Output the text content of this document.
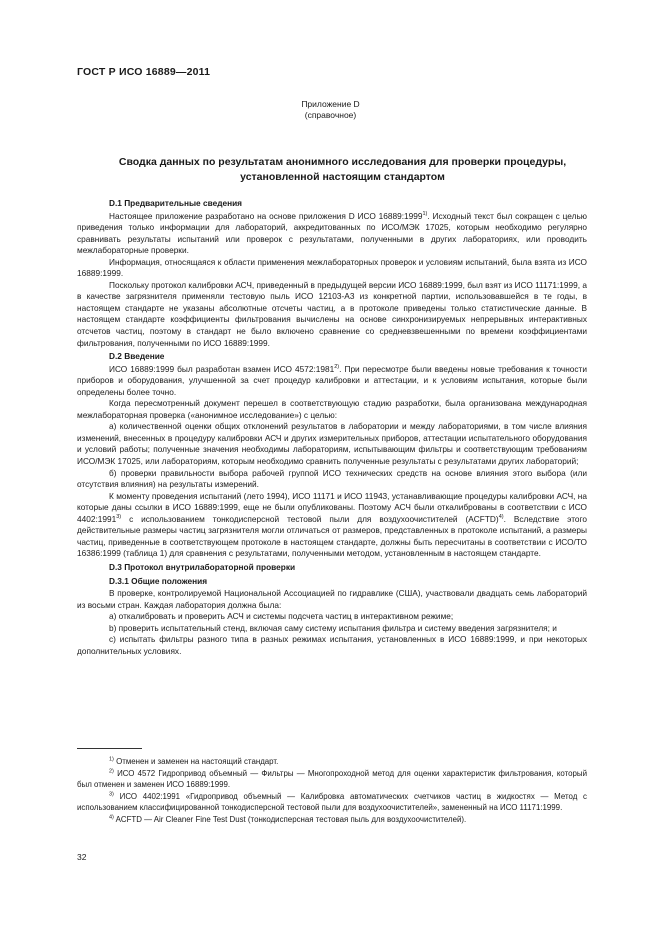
ГОСТ Р ИСО 16889—2011
Приложение D
(справочное)
Сводка данных по результатам анонимного исследования для проверки процедуры,
установленной настоящим стандартом
D.1 Предварительные сведения

Настоящее приложение разработано на основе приложения D ИСО 16889:1999$^{1)}$. Исходный текст был сокращен с целью приведения только информации для лабораторий, аккредитованных по ИСО/МЭК 17025, которым необходимо регулярно сравнивать результаты испытаний или проверок с результатами, полученными в других лабораториях, или проводить межлабораторные проверки.

Информация, относящаяся к области применения межлабораторных проверок и условиям испытаний, была взята из ИСО 16889:1999.

Поскольку протокол калибровки АСЧ, приведенный в предыдущей версии ИСО 16889:1999, был взят из ИСО 11171:1999, а в качестве загрязнителя применяли тестовую пыль ИСО 12103-А3 из конкретной партии, использовавшейся в те годы, в настоящем стандарте не указаны абсолютные отсчеты частиц, а в протоколе приведены только статистические данные. В настоящем стандарте коэффициенты фильтрования вычислены на основе синхронизируемых непрерывных интерактивных отсчетов частиц, поэтому в стандарт не было включено сравнение со средневзвешенными по времени коэффициентами фильтрования, полученными по ИСО 16889:1999.

D.2 Введение

ИСО 16889:1999 был разработан взамен ИСО 4572:1981$^{2)}$. При пересмотре были введены новые требования к точности приборов и оборудования, улучшенной за счет процедур калибровки и аттестации, и к условиям испытания, которые были определены более точно.

Когда пересмотренный документ перешел в соответствующую стадию разработки, была организована международная межлабораторная проверка («анонимное исследование») с целью:

а) количественной оценки общих отклонений результатов в лаборатории и между лабораториями, в том числе влияния изменений, внесенных в процедуру калибровки АСЧ и других измерительных приборов, аттестации испытательного оборудования и условий работы; полученные значения необходимы лабораториям, испытывающим фильтры и соответствующим требованиям ИСО/МЭК 17025, или лабораториям, которым необходимо сравнить полученные результаты с результатами других лабораторий;

б) проверки правильности выбора рабочей группой ИСО технических средств на основе влияния этого выбора (или отсутствия влияния) на результаты измерений.

К моменту проведения испытаний (лето 1994), ИСО 11171 и ИСО 11943, устанавливающие процедуры калибровки АСЧ, на которые даны ссылки в ИСО 16889:1999, еще не были опубликованы. Поэтому АСЧ были откалиброваны в соответствии с ИСО 4402:1991$^{3)}$ с использованием тонкодисперсной тестовой пыли для воздухоочистителей (ACFTD)$^{4)}$. Вследствие этого действительные размеры частиц загрязнителя могли отличаться от размеров, представленных в протоколе испытаний, а размеры частиц, приведенные в соответствующем протоколе в настоящем стандарте, должны быть пересчитаны в соответствии с ИСО/ТО 16386:1999 (таблица 1) для сравнения с результатами, полученными методом, установленным в настоящем стандарте.

D.3 Протокол внутрилабораторной проверки
D.3.1 Общие положения

В проверке, контролируемой Национальной Ассоциацией по гидравлике (США), участвовали двадцать семь лабораторий из восьми стран. Каждая лаборатория должна была:

а) откалибровать и проверить АСЧ и системы подсчета частиц в интерактивном режиме;

b) проверить испытательный стенд, включая саму систему испытания фильтра и систему введения загрязнителя; и

c) испытать фильтры разного типа в разных режимах испытания, установленных в ИСО 16889:1999, и при некоторых дополнительных условиях.

$^{1)}$ Отменен и заменен на настоящий стандарт.

$^{2)}$ ИСО 4572 Гидропривод объемный — Фильтры — Многопроходной метод для оценки характеристик фильтрования, который был отменен и заменен ИСО 16889:1999.

$^{3)}$ ИСО 4402:1991 «Гидропривод объемный — Калибровка автоматических счетчиков частиц в жидкостях — Метод с использованием классифицированной тонкодисперсной тестовой пыли для воздухоочистителей», замененный на ИСО 11171:1999.

$^{4)}$ ACFTD — Air Cleaner Fine Test Dust (тонкодисперсная тестовая пыль для воздухоочистителей).

32
